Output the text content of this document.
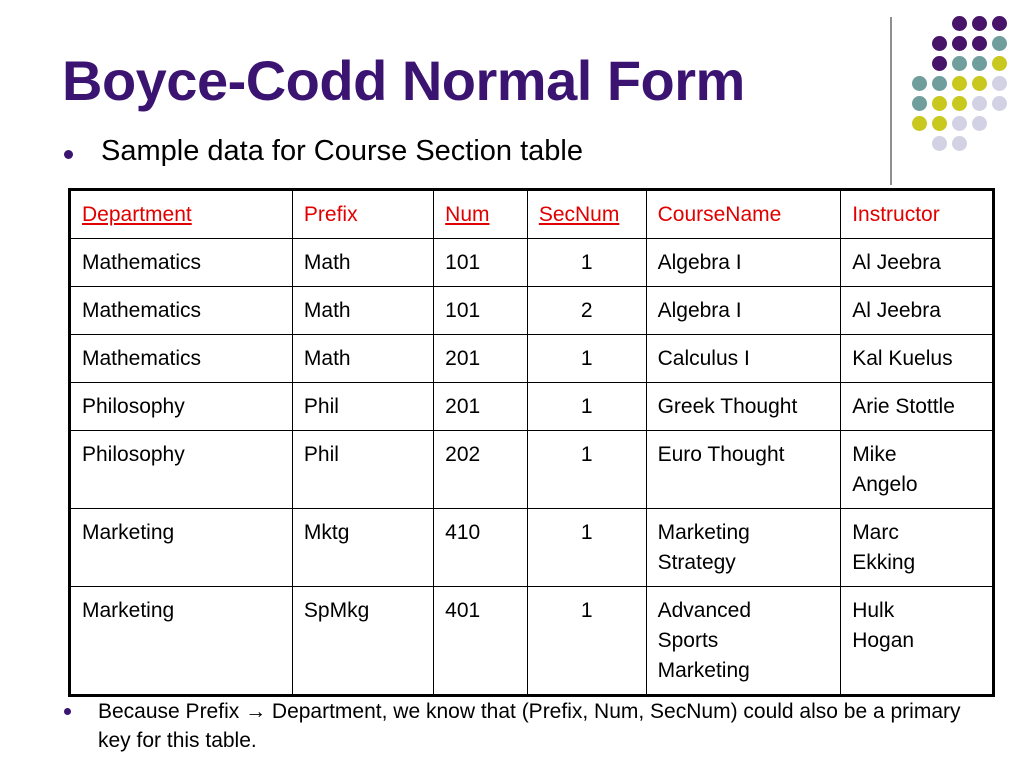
Boyce-Codd Normal Form
Sample data for Course Section table
Department	Prefix	Num	SecNum	CourseName	Instructor
Mathematics	Math	101	1	Algebra I	Al Jeebra
Mathematics	Math	101	2	Algebra I	Al Jeebra
Mathematics	Math	201	1	Calculus I	Kal Kuelus
Philosophy	Phil	201	1	Greek Thought	Arie Stottle
Philosophy	Phil	202	1	Euro Thought	Mike Angelo
Marketing	Mktg	410	1	Marketing Strategy	Marc Ekking
Marketing	SpMkg	401	1	Advanced Sports Marketing	Hulk Hogan
Because Prefix → Department, we know that (Prefix, Num, SecNum) could also be a primary key for this table.
